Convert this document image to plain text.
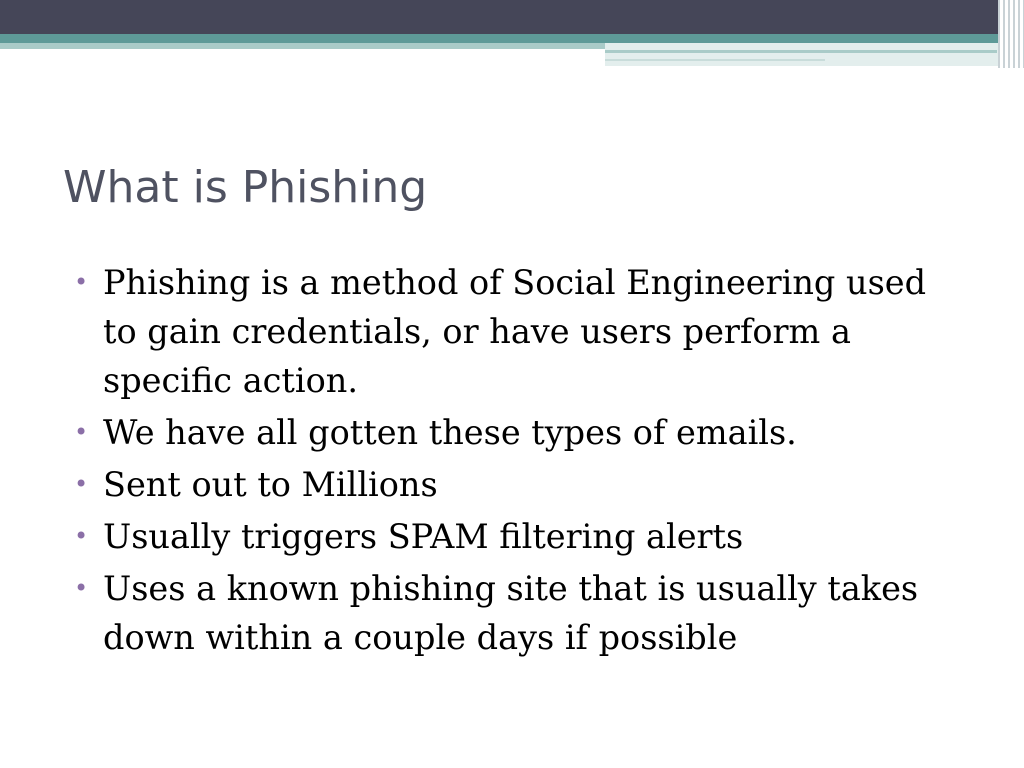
What is Phishing
• Phishing is a method of Social Engineering used to gain credentials, or have users perform a specific action.
• We have all gotten these types of emails.
• Sent out to Millions
• Usually triggers SPAM filtering alerts
• Uses a known phishing site that is usually takes down within a couple days if possible
